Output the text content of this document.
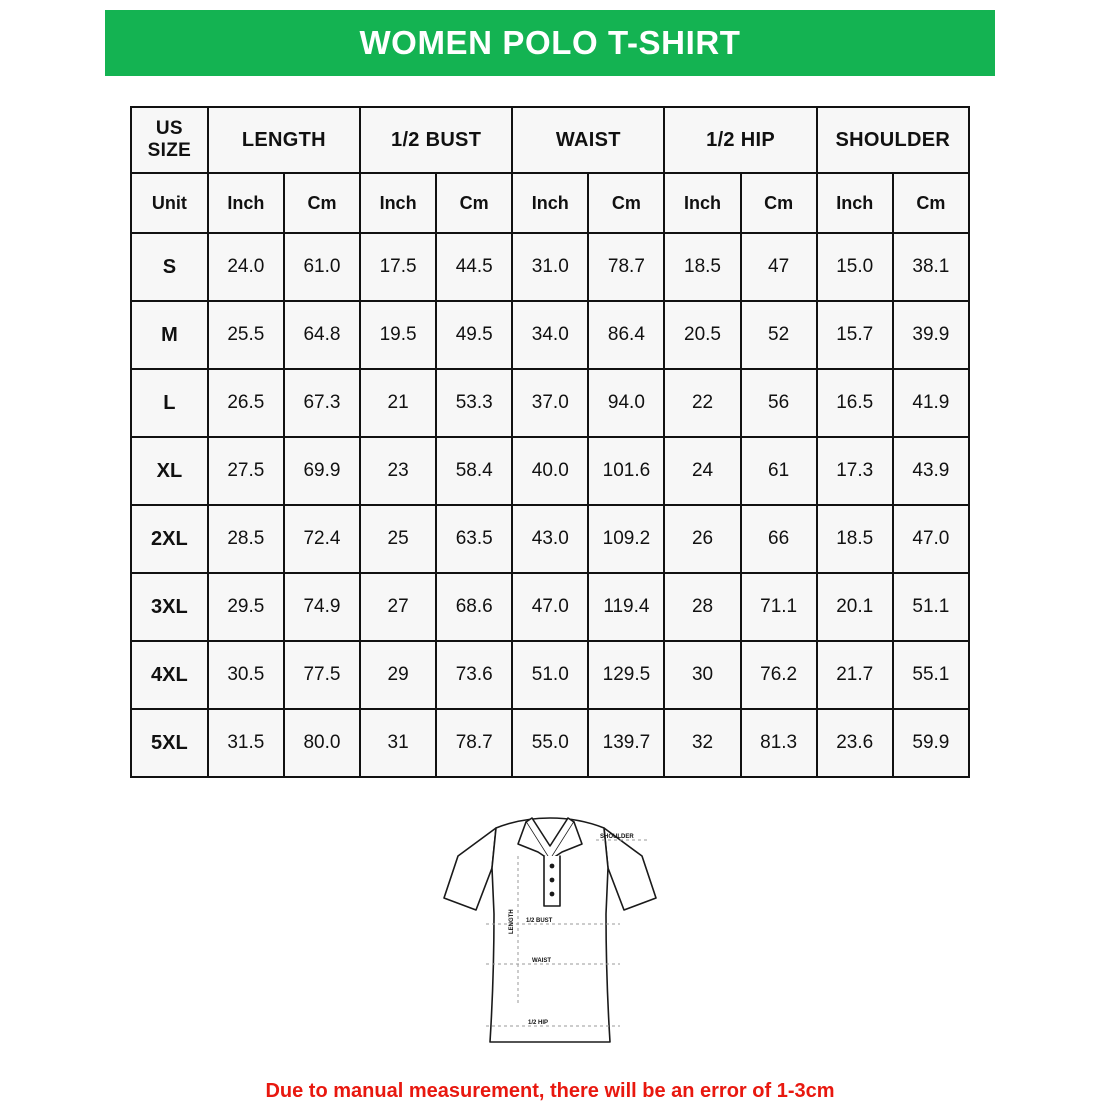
WOMEN POLO T-SHIRT
US SIZE	LENGTH		1/2 BUST		WAIST		1/2 HIP		SHOULDER	
Unit	Inch	Cm	Inch	Cm	Inch	Cm	Inch	Cm	Inch	Cm
S	24.0	61.0	17.5	44.5	31.0	78.7	18.5	47	15.0	38.1
M	25.5	64.8	19.5	49.5	34.0	86.4	20.5	52	15.7	39.9
L	26.5	67.3	21	53.3	37.0	94.0	22	56	16.5	41.9
XL	27.5	69.9	23	58.4	40.0	101.6	24	61	17.3	43.9
2XL	28.5	72.4	25	63.5	43.0	109.2	26	66	18.5	47.0
3XL	29.5	74.9	27	68.6	47.0	119.4	28	71.1	20.1	51.1
4XL	30.5	77.5	29	73.6	51.0	129.5	30	76.2	21.7	55.1
5XL	31.5	80.0	31	78.7	55.0	139.7	32	81.3	23.6	59.9
SHOULDER
LENGTH 1/2 BUST
WAIST
1/2 HIP
Due to manual measurement, there will be an error of 1-3cm
